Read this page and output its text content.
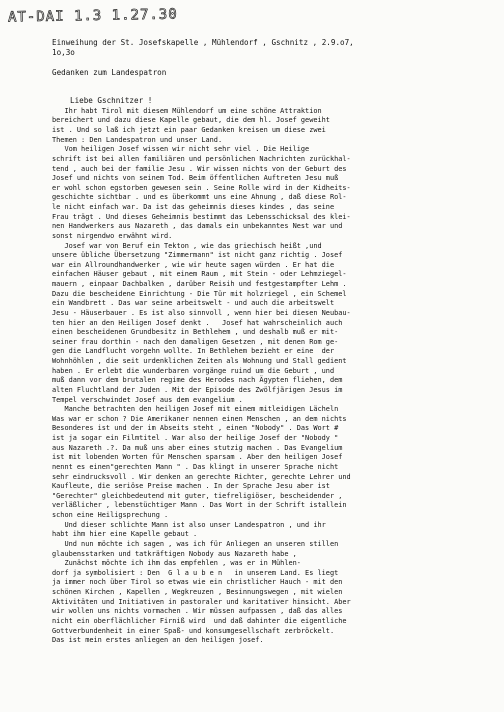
AT-DAI 1.3 1.27.30
Einweihung der St. Josefskapelle , Mühlendorf , Gschnitz , 2.9.o7,
1o,3o
Gedanken zum Landespatron
Liebe Gschnitzer !
Ihr habt Tirol mit diesem Mühlendorf um eine schöne Attraktion
bereichert und dazu diese Kapelle gebaut, die dem hl. Josef geweiht
ist . Und so laß ich jetzt ein paar Gedanken kreisen um diese zwei
Themen : Den Landespatron und unser Land.
Vom heiligen Josef wissen wir nicht sehr viel . Die Heilige
schrift ist bei allen familiären und persönlichen Nachrichten zurückhal-
tend , auch bei der familie Jesu . Wir wissen nichts von der Geburt des
Josef und nichts von seinem Tod. Beim öffentlichen Auftreten Jesu muß
er wohl schon egstorben gewesen sein . Seine Rolle wird in der Kidheits-
geschichte sichtbar . und es überkommt uns eine Ahnung , daß diese Rol-
le nicht einfach war. Da ist das geheimnis dieses kindes , das seine
Frau trägt . Und dieses Geheimnis bestimmt das Lebensschicksal des klei-
nen Handwerkers aus Nazareth , das damals ein unbekanntes Nest war und
sonst nirgendwo erwähnt wird.
Josef war von Beruf ein Tekton , wie das griechisch heißt ,und
unsere übliche Übersetzung "Zimmermann" ist nicht ganz richtig . Josef
war ein Allroundhandwerker , wie wir heute sagen würden . Er hat die
einfachen Häuser gebaut , mit einem Raum , mit Stein - oder Lehmziegel-
mauern , einpaar Dachbalken , darüber Reisih und festgestampfter Lehm .
Dazu die bescheidene Einrichtung - Die Tür mit holzriegel , ein Schemel
ein Wandbrett . Das war seine arbeitswelt - und auch die arbeitswelt
Jesu - Häuserbauer . Es ist also sinnvoll , wenn hier bei diesen Neubau-
ten hier an den Heiligen Josef denkt .   Josef hat wahrscheinlich auch
einen bescheidenen Grundbesitz in Bethlehem , und deshalb muß er mit-
seiner frau dorthin - nach den damaligen Gesetzen , mit denen Rom ge-
gen die Landflucht vorgehn wollte. In Bethlehem bezieht er eine  der
Wohnhöhlen , die seit urdenklichen Zeiten als Wohnung und Stall gedient
haben . Er erlebt die wunderbaren vorgänge ruind um die Geburt , und
muß dann vor dem brutalen regime des Herodes nach Ägypten fliehen, dem
alten Fluchtland der Juden . Mit der Episode des Zwölfjärigen Jesus im
Tempel verschwindet Josef aus dem evangelium .
Manche betrachten den heiligen Josef mit einem mitleidigen Lächeln
Was war er schon ? Die Amerikaner nennen einen Menschen , an dem nichts
Besonderes ist und der im Abseits steht , einen "Nobody" . Das Wort #
ist ja sogar ein Filmtitel . War also der heilige Josef der "Nobody "
aus Nazareth .?. Da muß uns aber eines stutzig machen . Das Evangelium
ist mit lobenden Worten für Menschen sparsam . Aber den heiligen Josef
nennt es einen"gerechten Mann " . Das klingt in unserer Sprache nicht
sehr eindrucksvoll . Wir denken an gerechte Richter, gerechte Lehrer und
Kaufleute, die seriöse Preise machen . In der Sprache Jesu aber ist
"Gerechter" gleichbedeutend mit guter, tiefreligiöser, bescheidender ,
verläßlicher , lebenstüchtiger Mann . Das Wort in der Schrift istallein
schon eine Heiligsprechung .
Und dieser schlichte Mann ist also unser Landespatron , und ihr
habt ihm hier eine Kapelle gebaut .
Und nun möchte ich sagen , was ich für Anliegen an unseren stillen
glaubensstarken und tatkräftigen Nobody aus Nazareth habe ,
Zunächst möchte ich ihm das empfehlen , was er in Mühlen-
dorf ja symbolisiert : Den  G l a u b e n   in unserem Land. Es liegt
ja immer noch über Tirol so etwas wie ein christlicher Hauch - mit den
schönen Kirchen , Kapellen , Wegkreuzen , Besinnungswegen , mit wielen
Aktivitäten und Initiativen in pastoraler und karitativer hinsicht. Aber
wir wollen uns nichts vormachen . Wir müssen aufpassen , daß das alles
nicht ein oberflächlicher Firniß wird  und daß dahinter die eigentliche
Gottverbundenheit in einer Spaß- und konsumgesellschaft zerbröckelt.
Das ist mein erstes anliegen an den heiligen josef.
